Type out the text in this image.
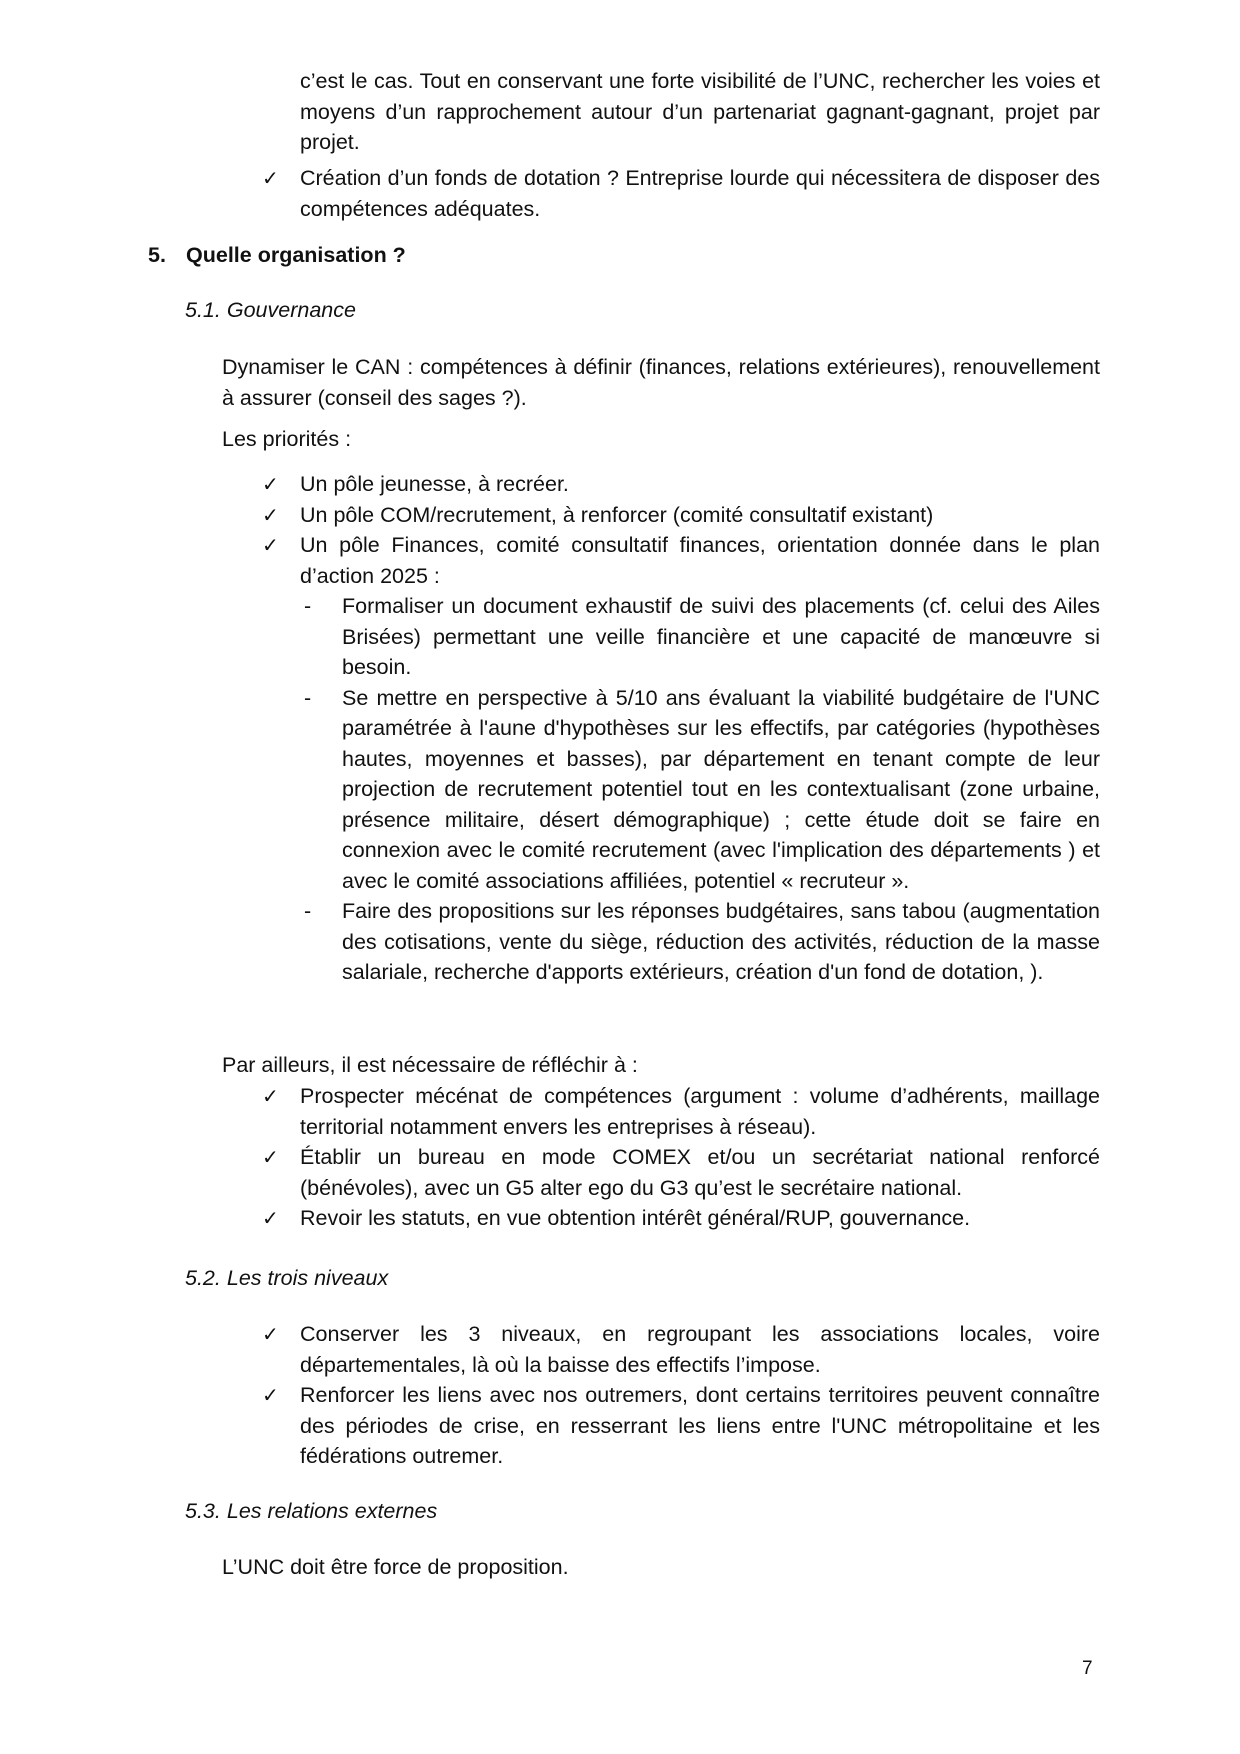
c’est le cas. Tout en conservant une forte visibilité de l’UNC, rechercher les voies et moyens d’un rapprochement autour d’un partenariat gagnant-gagnant, projet par projet.
✓ Création d’un fonds de dotation ? Entreprise lourde qui nécessitera de disposer des compétences adéquates.
5. Quelle organisation ?
5.1. Gouvernance
Dynamiser le CAN : compétences à définir (finances, relations extérieures), renouvellement à assurer (conseil des sages ?).
Les priorités :
✓ Un pôle jeunesse, à recréer.
✓ Un pôle COM/recrutement, à renforcer (comité consultatif existant)
✓ Un pôle Finances, comité consultatif finances, orientation donnée dans le plan d’action 2025 :
- Formaliser un document exhaustif de suivi des placements (cf. celui des Ailes Brisées) permettant une veille financière et une capacité de manœuvre si besoin.
- Se mettre en perspective à 5/10 ans évaluant la viabilité budgétaire de l'UNC paramétrée à l'aune d'hypothèses sur les effectifs, par catégories (hypothèses hautes, moyennes et basses), par département en tenant compte de leur projection de recrutement potentiel tout en les contextualisant (zone urbaine, présence militaire, désert démographique) ; cette étude doit se faire en connexion avec le comité recrutement (avec l'implication des départements ) et avec le comité associations affiliées, potentiel « recruteur ».
- Faire des propositions sur les réponses budgétaires, sans tabou (augmentation des cotisations, vente du siège, réduction des activités, réduction de la masse salariale, recherche d'apports extérieurs, création d'un fond de dotation, ).
Par ailleurs, il est nécessaire de réfléchir à :
✓ Prospecter mécénat de compétences (argument : volume d’adhérents, maillage territorial notamment envers les entreprises à réseau).
✓ Établir un bureau en mode COMEX et/ou un secrétariat national renforcé (bénévoles), avec un G5 alter ego du G3 qu’est le secrétaire national.
✓ Revoir les statuts, en vue obtention intérêt général/RUP, gouvernance.
5.2. Les trois niveaux
✓ Conserver les 3 niveaux, en regroupant les associations locales, voire départementales, là où la baisse des effectifs l’impose.
✓ Renforcer les liens avec nos outremers, dont certains territoires peuvent connaître des périodes de crise, en resserrant les liens entre l'UNC métropolitaine et les fédérations outremer.
5.3. Les relations externes
L’UNC doit être force de proposition.
7
